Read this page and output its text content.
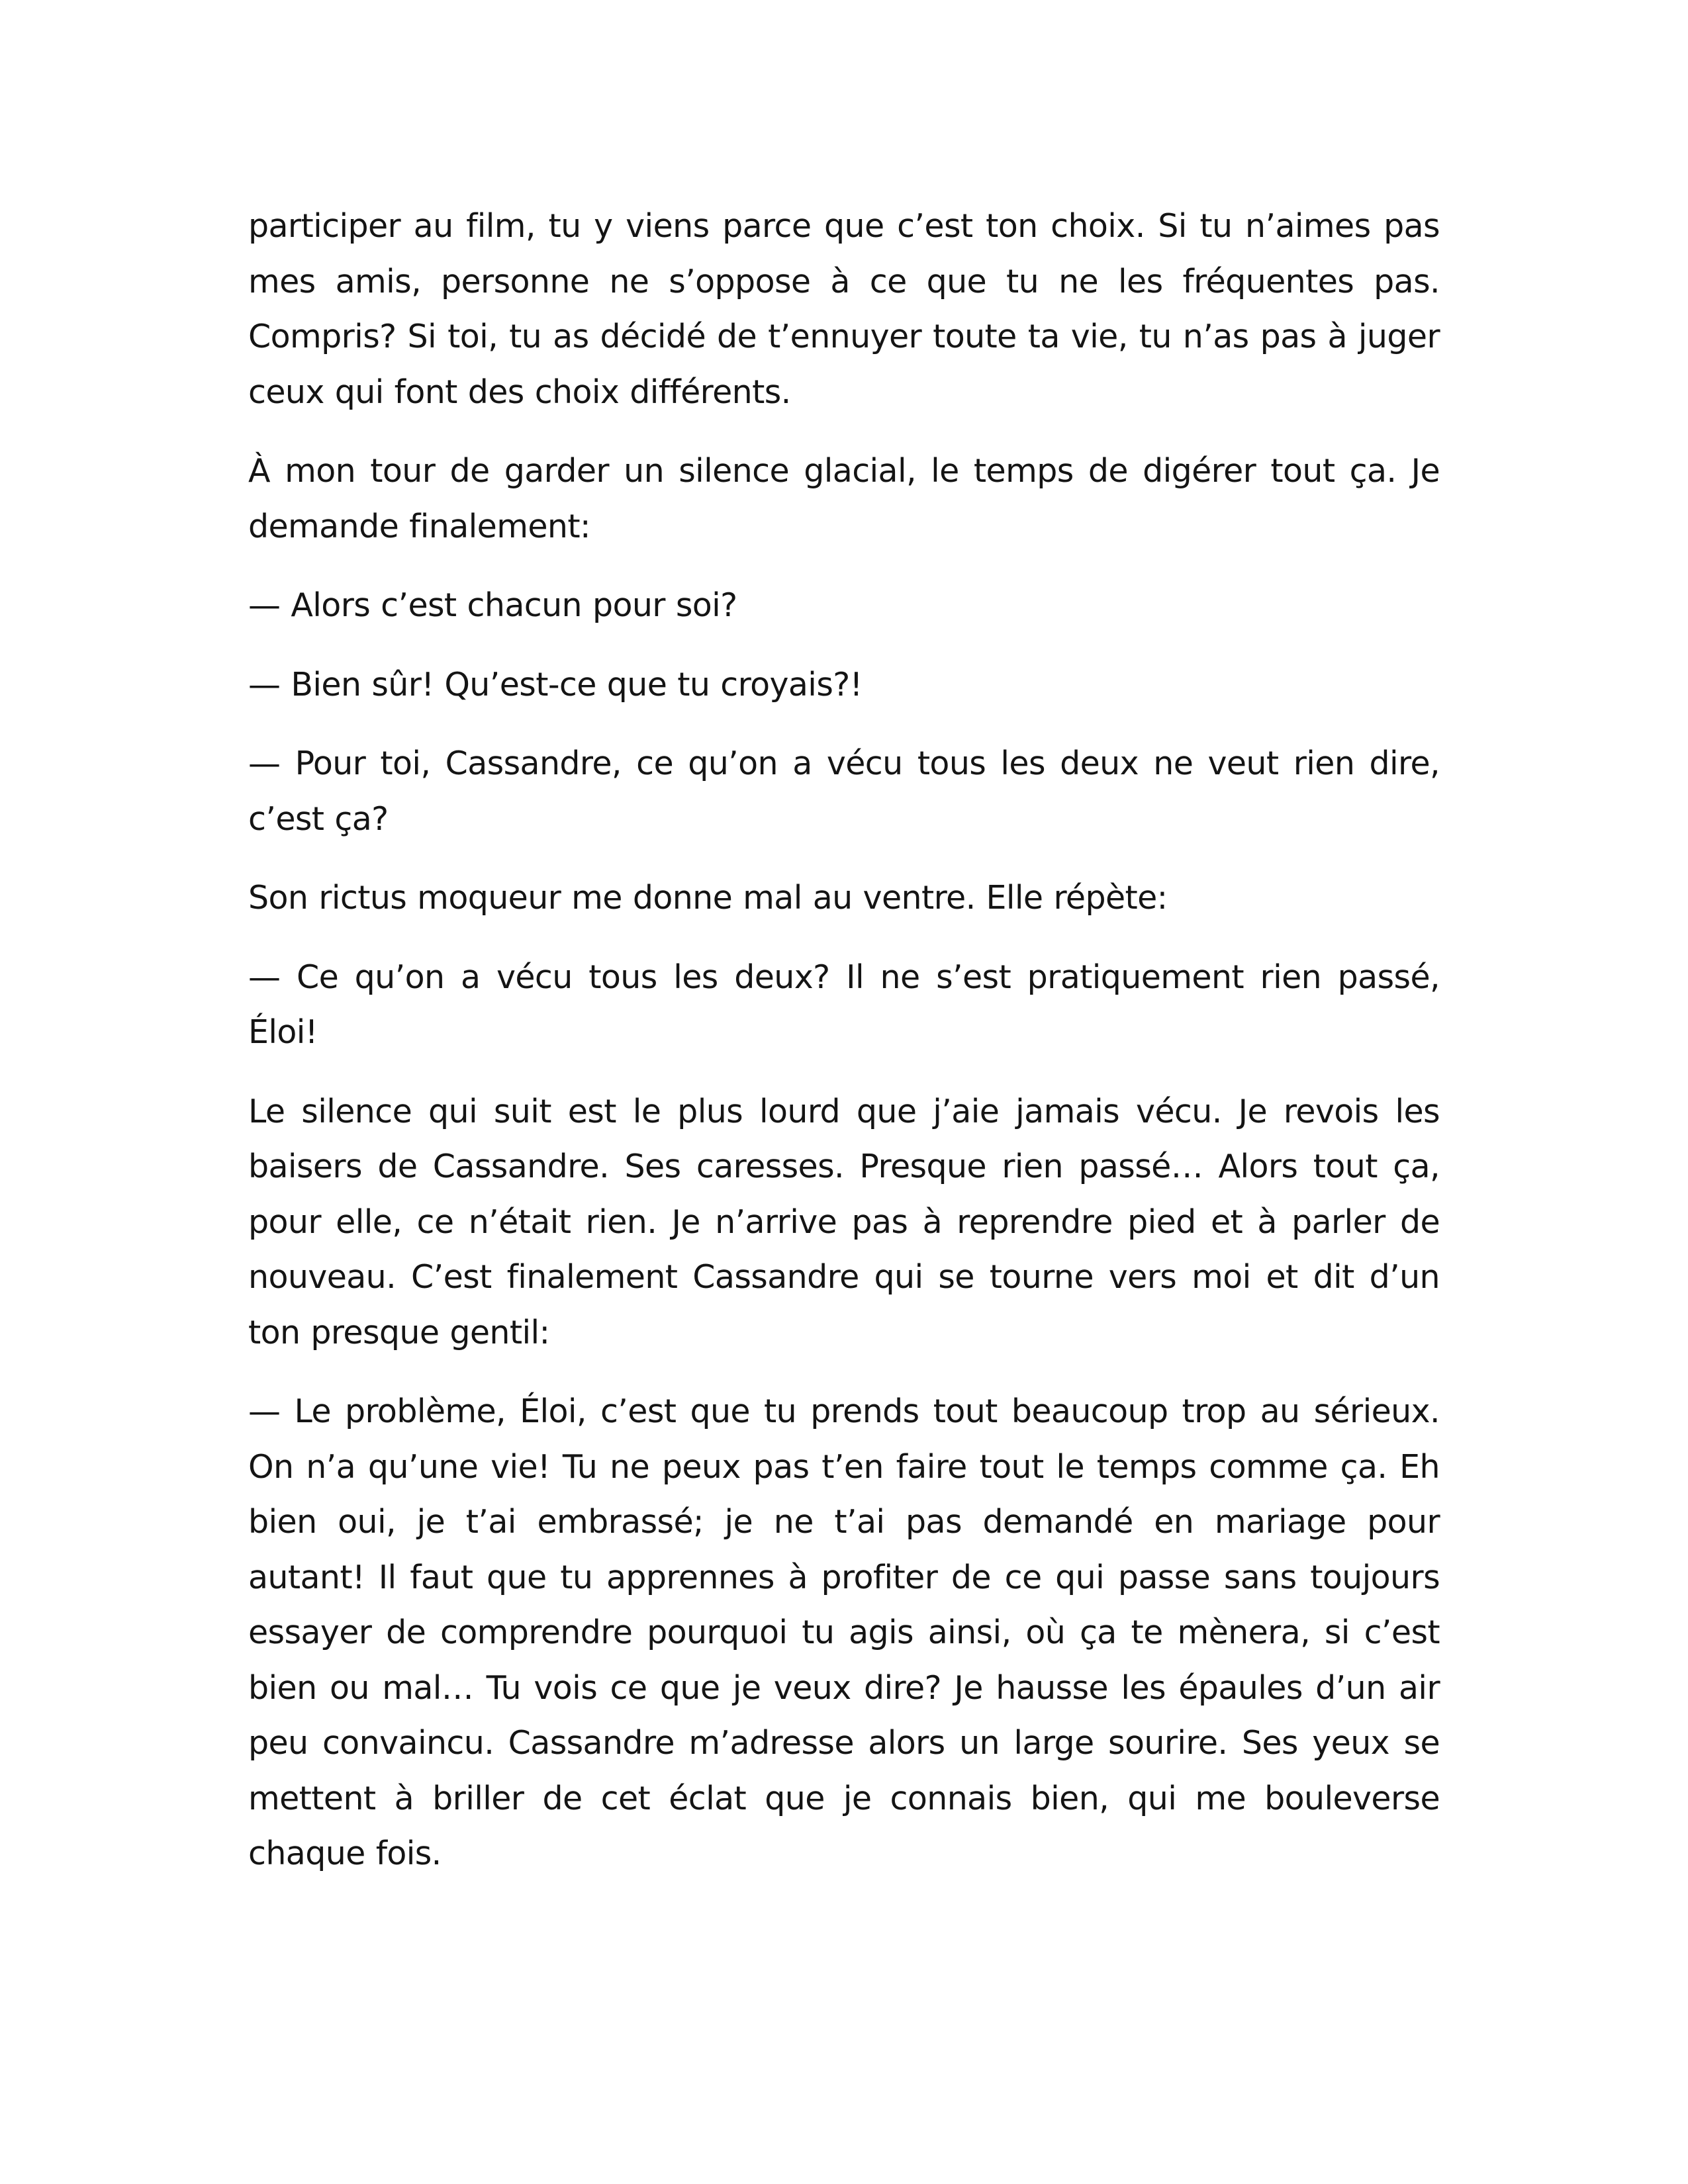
participer au film, tu y viens parce que c’est ton choix. Si tu n’aimes pas mes amis, personne ne s’oppose à ce que tu ne les fréquentes pas. Compris? Si toi, tu as décidé de t’ennuyer toute ta vie, tu n’as pas à juger ceux qui font des choix différents.

À mon tour de garder un silence glacial, le temps de digérer tout ça. Je demande finalement:

— Alors c’est chacun pour soi?

— Bien sûr! Qu’est-ce que tu croyais?!

— Pour toi, Cassandre, ce qu’on a vécu tous les deux ne veut rien dire, c’est ça?

Son rictus moqueur me donne mal au ventre. Elle répète:

— Ce qu’on a vécu tous les deux? Il ne s’est pratiquement rien passé, Éloi!

Le silence qui suit est le plus lourd que j’aie jamais vécu. Je revois les baisers de Cassandre. Ses caresses. Presque rien passé… Alors tout ça, pour elle, ce n’était rien. Je n’arrive pas à reprendre pied et à parler de nouveau. C’est finalement Cassandre qui se tourne vers moi et dit d’un ton presque gentil:

— Le problème, Éloi, c’est que tu prends tout beaucoup trop au sérieux. On n’a qu’une vie! Tu ne peux pas t’en faire tout le temps comme ça. Eh bien oui, je t’ai embrassé; je ne t’ai pas demandé en mariage pour autant! Il faut que tu apprennes à profiter de ce qui passe sans toujours essayer de comprendre pourquoi tu agis ainsi, où ça te mènera, si c’est bien ou mal… Tu vois ce que je veux dire? Je hausse les épaules d’un air peu convaincu. Cassandre m’adresse alors un large sourire. Ses yeux se mettent à briller de cet éclat que je connais bien, qui me bouleverse chaque fois.
